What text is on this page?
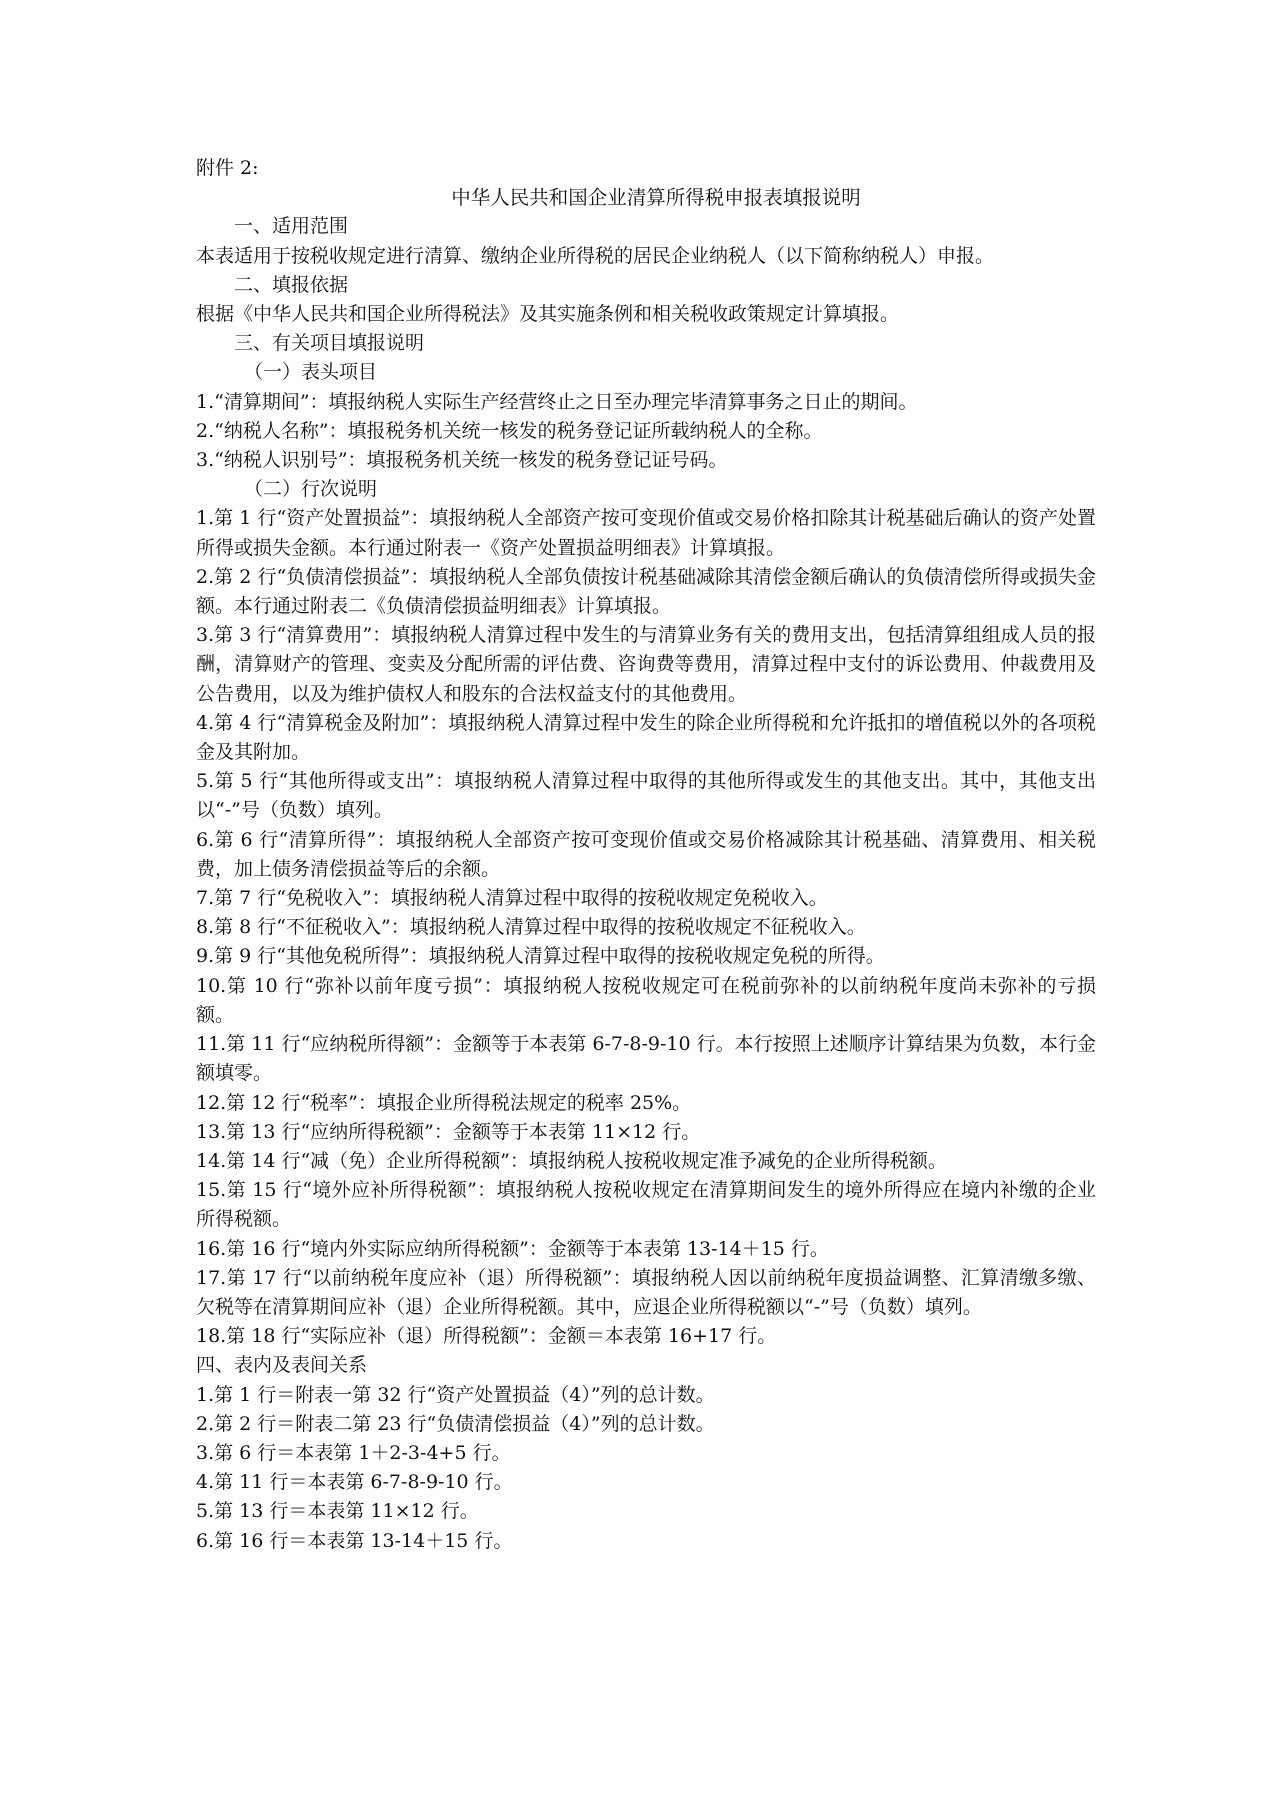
附件 2:

中华人民共和国企业清算所得税申报表填报说明

一、适用范围

本表适用于按税收规定进行清算、缴纳企业所得税的居民企业纳税人（以下简称纳税人）申报。

二、填报依据

根据《中华人民共和国企业所得税法》及其实施条例和相关税收政策规定计算填报。

三、有关项目填报说明

（一）表头项目

1.“清算期间”：填报纳税人实际生产经营终止之日至办理完毕清算事务之日止的期间。

2.“纳税人名称”：填报税务机关统一核发的税务登记证所载纳税人的全称。

3.“纳税人识别号”：填报税务机关统一核发的税务登记证号码。

（二）行次说明

1.第 1 行“资产处置损益”：填报纳税人全部资产按可变现价值或交易价格扣除其计税基础后确认的资产处置所得或损失金额。本行通过附表一《资产处置损益明细表》计算填报。

2.第 2 行“负债清偿损益”：填报纳税人全部负债按计税基础减除其清偿金额后确认的负债清偿所得或损失金额。本行通过附表二《负债清偿损益明细表》计算填报。

3.第 3 行“清算费用”：填报纳税人清算过程中发生的与清算业务有关的费用支出，包括清算组组成人员的报酬，清算财产的管理、变卖及分配所需的评估费、咨询费等费用，清算过程中支付的诉讼费用、仲裁费用及公告费用，以及为维护债权人和股东的合法权益支付的其他费用。

4.第 4 行“清算税金及附加”：填报纳税人清算过程中发生的除企业所得税和允许抵扣的增值税以外的各项税金及其附加。

5.第 5 行“其他所得或支出”：填报纳税人清算过程中取得的其他所得或发生的其他支出。其中，其他支出以“-”号（负数）填列。

6.第 6 行“清算所得”：填报纳税人全部资产按可变现价值或交易价格减除其计税基础、清算费用、相关税费，加上债务清偿损益等后的余额。

7.第 7 行“免税收入”：填报纳税人清算过程中取得的按税收规定免税收入。

8.第 8 行“不征税收入”：填报纳税人清算过程中取得的按税收规定不征税收入。

9.第 9 行“其他免税所得”：填报纳税人清算过程中取得的按税收规定免税的所得。

10.第 10 行“弥补以前年度亏损”：填报纳税人按税收规定可在税前弥补的以前纳税年度尚未弥补的亏损额。

11.第 11 行“应纳税所得额”：金额等于本表第 6-7-8-9-10 行。本行按照上述顺序计算结果为负数，本行金额填零。

12.第 12 行“税率”：填报企业所得税法规定的税率 25%。

13.第 13 行“应纳所得税额”：金额等于本表第 11×12 行。

14.第 14 行“减（免）企业所得税额”：填报纳税人按税收规定准予减免的企业所得税额。

15.第 15 行“境外应补所得税额”：填报纳税人按税收规定在清算期间发生的境外所得应在境内补缴的企业所得税额。

16.第 16 行“境内外实际应纳所得税额”：金额等于本表第 13-14＋15 行。

17.第 17 行“以前纳税年度应补（退）所得税额”：填报纳税人因以前纳税年度损益调整、汇算清缴多缴、欠税等在清算期间应补（退）企业所得税额。其中，应退企业所得税额以“-”号（负数）填列。

18.第 18 行“实际应补（退）所得税额”：金额＝本表第 16+17 行。

四、表内及表间关系

1.第 1 行＝附表一第 32 行“资产处置损益（4）”列的总计数。

2.第 2 行＝附表二第 23 行“负债清偿损益（4）”列的总计数。

3.第 6 行＝本表第 1＋2-3-4+5 行。

4.第 11 行＝本表第 6-7-8-9-10 行。

5.第 13 行＝本表第 11×12 行。

6.第 16 行＝本表第 13-14＋15 行。
